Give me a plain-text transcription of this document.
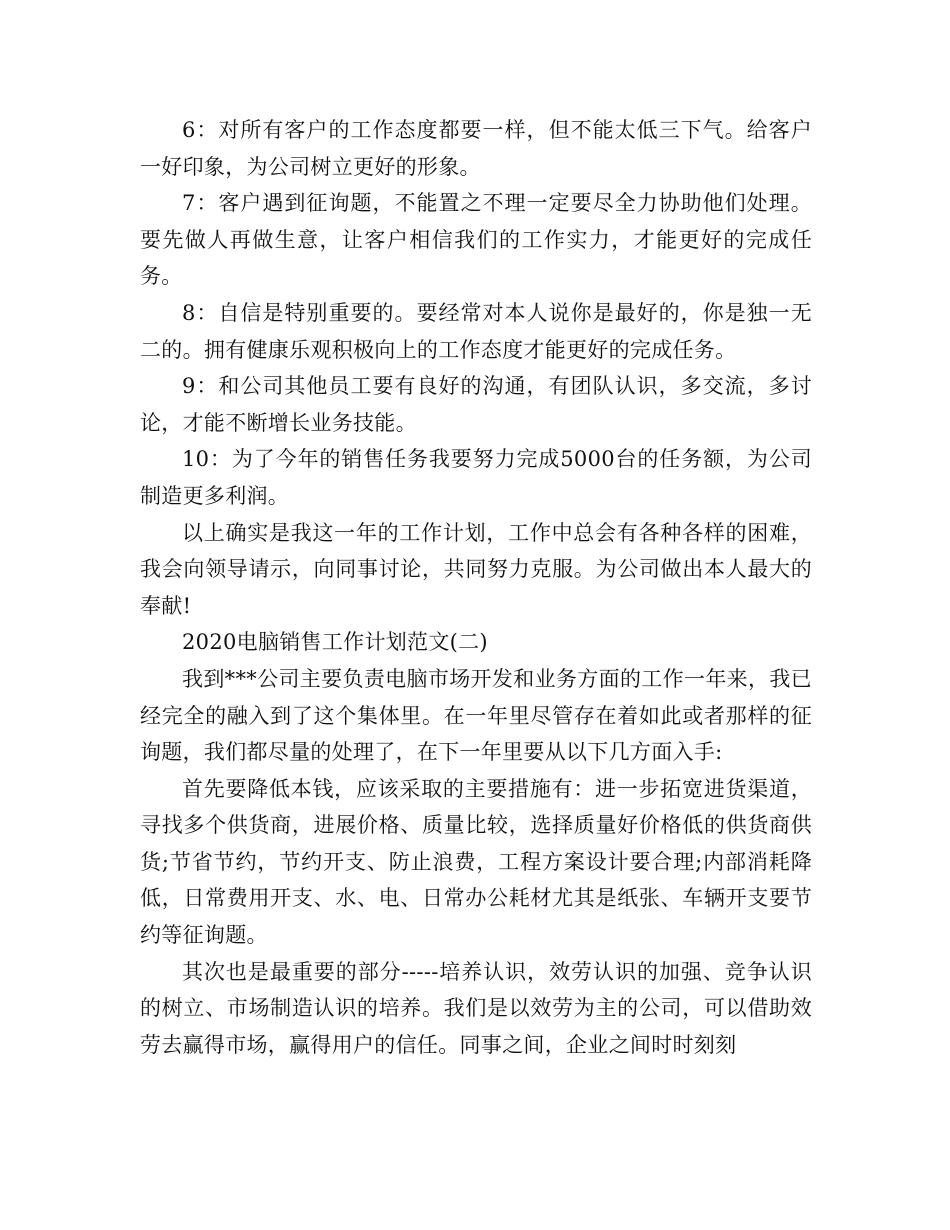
6：对所有客户的工作态度都要一样，但不能太低三下气。给客户一好印象，为公司树立更好的形象。

7：客户遇到征询题，不能置之不理一定要尽全力协助他们处理。要先做人再做生意，让客户相信我们的工作实力，才能更好的完成任务。

8：自信是特别重要的。要经常对本人说你是最好的，你是独一无二的。拥有健康乐观积极向上的工作态度才能更好的完成任务。

9：和公司其他员工要有良好的沟通，有团队认识，多交流，多讨论，才能不断增长业务技能。

10：为了今年的销售任务我要努力完成5000台的任务额，为公司制造更多利润。

以上确实是我这一年的工作计划，工作中总会有各种各样的困难，我会向领导请示，向同事讨论，共同努力克服。为公司做出本人最大的奉献!

2020电脑销售工作计划范文(二)

我到***公司主要负责电脑市场开发和业务方面的工作一年来，我已经完全的融入到了这个集体里。在一年里尽管存在着如此或者那样的征询题，我们都尽量的处理了，在下一年里要从以下几方面入手:

首先要降低本钱，应该采取的主要措施有：进一步拓宽进货渠道，寻找多个供货商，进展价格、质量比较，选择质量好价格低的供货商供货;节省节约，节约开支、防止浪费，工程方案设计要合理;内部消耗降低，日常费用开支、水、电、日常办公耗材尤其是纸张、车辆开支要节约等征询题。

其次也是最重要的部分-----培养认识，效劳认识的加强、竞争认识的树立、市场制造认识的培养。我们是以效劳为主的公司，可以借助效劳去赢得市场，赢得用户的信任。同事之间，企业之间时时刻刻
